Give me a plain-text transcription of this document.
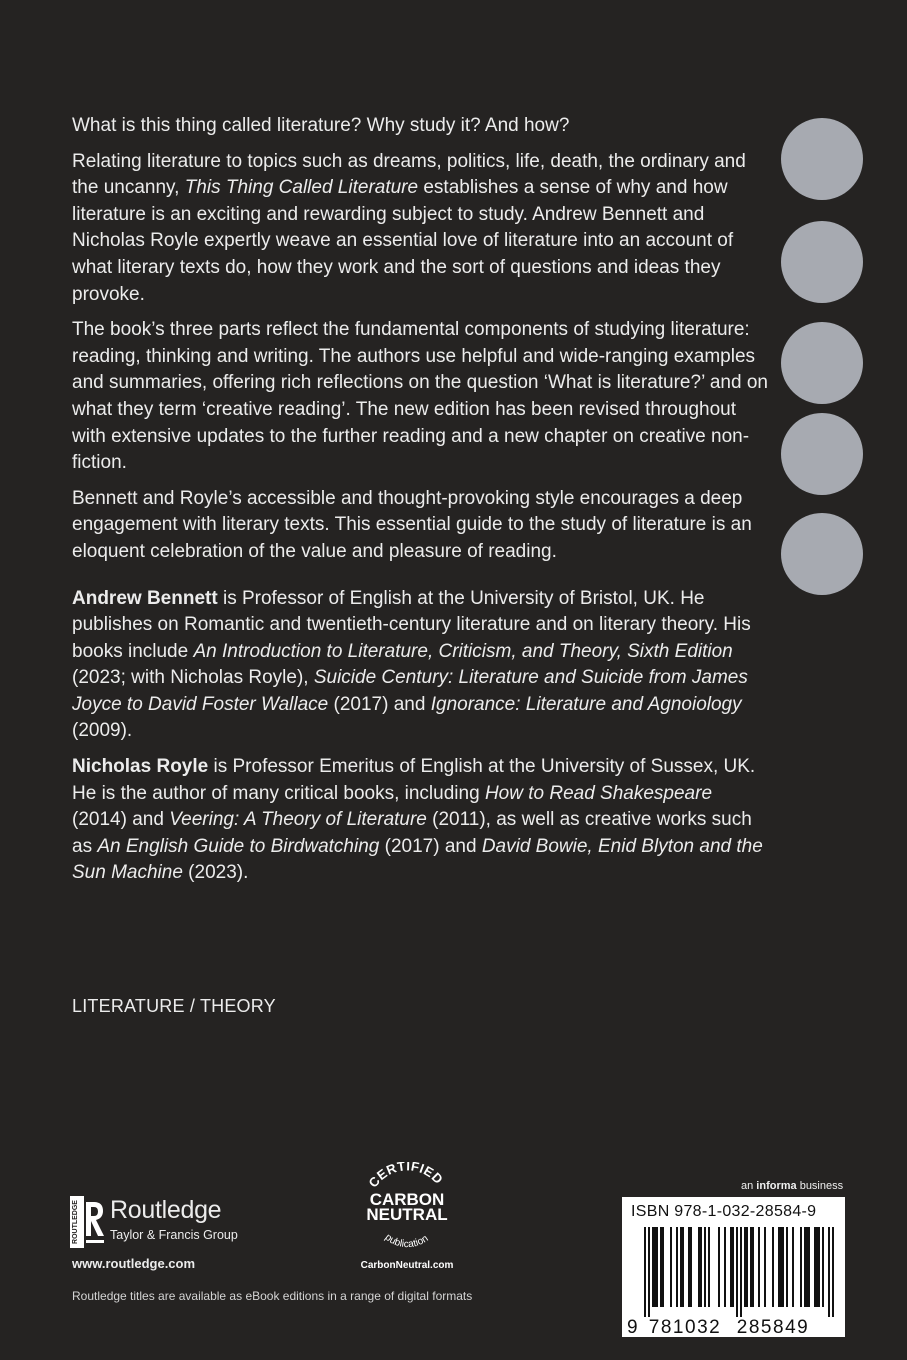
What is this thing called literature? Why study it? And how?

Relating literature to topics such as dreams, politics, life, death, the ordinary and the uncanny, This Thing Called Literature establishes a sense of why and how literature is an exciting and rewarding subject to study. Andrew Bennett and Nicholas Royle expertly weave an essential love of literature into an account of what literary texts do, how they work and the sort of questions and ideas they provoke.

The book’s three parts reflect the fundamental components of studying literature: reading, thinking and writing. The authors use helpful and wide-ranging examples and summaries, offering rich reflections on the question ‘What is literature?’ and on what they term ‘creative reading’. The new edition has been revised throughout with extensive updates to the further reading and a new chapter on creative non-fiction.

Bennett and Royle’s accessible and thought-provoking style encourages a deep engagement with literary texts. This essential guide to the study of literature is an eloquent celebration of the value and pleasure of reading.

Andrew Bennett is Professor of English at the University of Bristol, UK. He publishes on Romantic and twentieth-century literature and on literary theory. His books include An Introduction to Literature, Criticism, and Theory, Sixth Edition (2023; with Nicholas Royle), Suicide Century: Literature and Suicide from James Joyce to David Foster Wallace (2017) and Ignorance: Literature and Agnoiology (2009).

Nicholas Royle is Professor Emeritus of English at the University of Sussex, UK. He is the author of many critical books, including How to Read Shakespeare (2014) and Veering: A Theory of Literature (2011), as well as creative works such as An English Guide to Birdwatching (2017) and David Bowie, Enid Blyton and the Sun Machine (2023).

LITERATURE / THEORY
ROUTLEDGE Routledge
Taylor & Francis Group
www.routledge.com
Routledge titles are available as eBook editions in a range of digital formats
CERTIFIED
CARBON
NEUTRAL
publication
CarbonNeutral.com
an informa business
ISBN 978-1-032-28584-9
9 781032 285849
